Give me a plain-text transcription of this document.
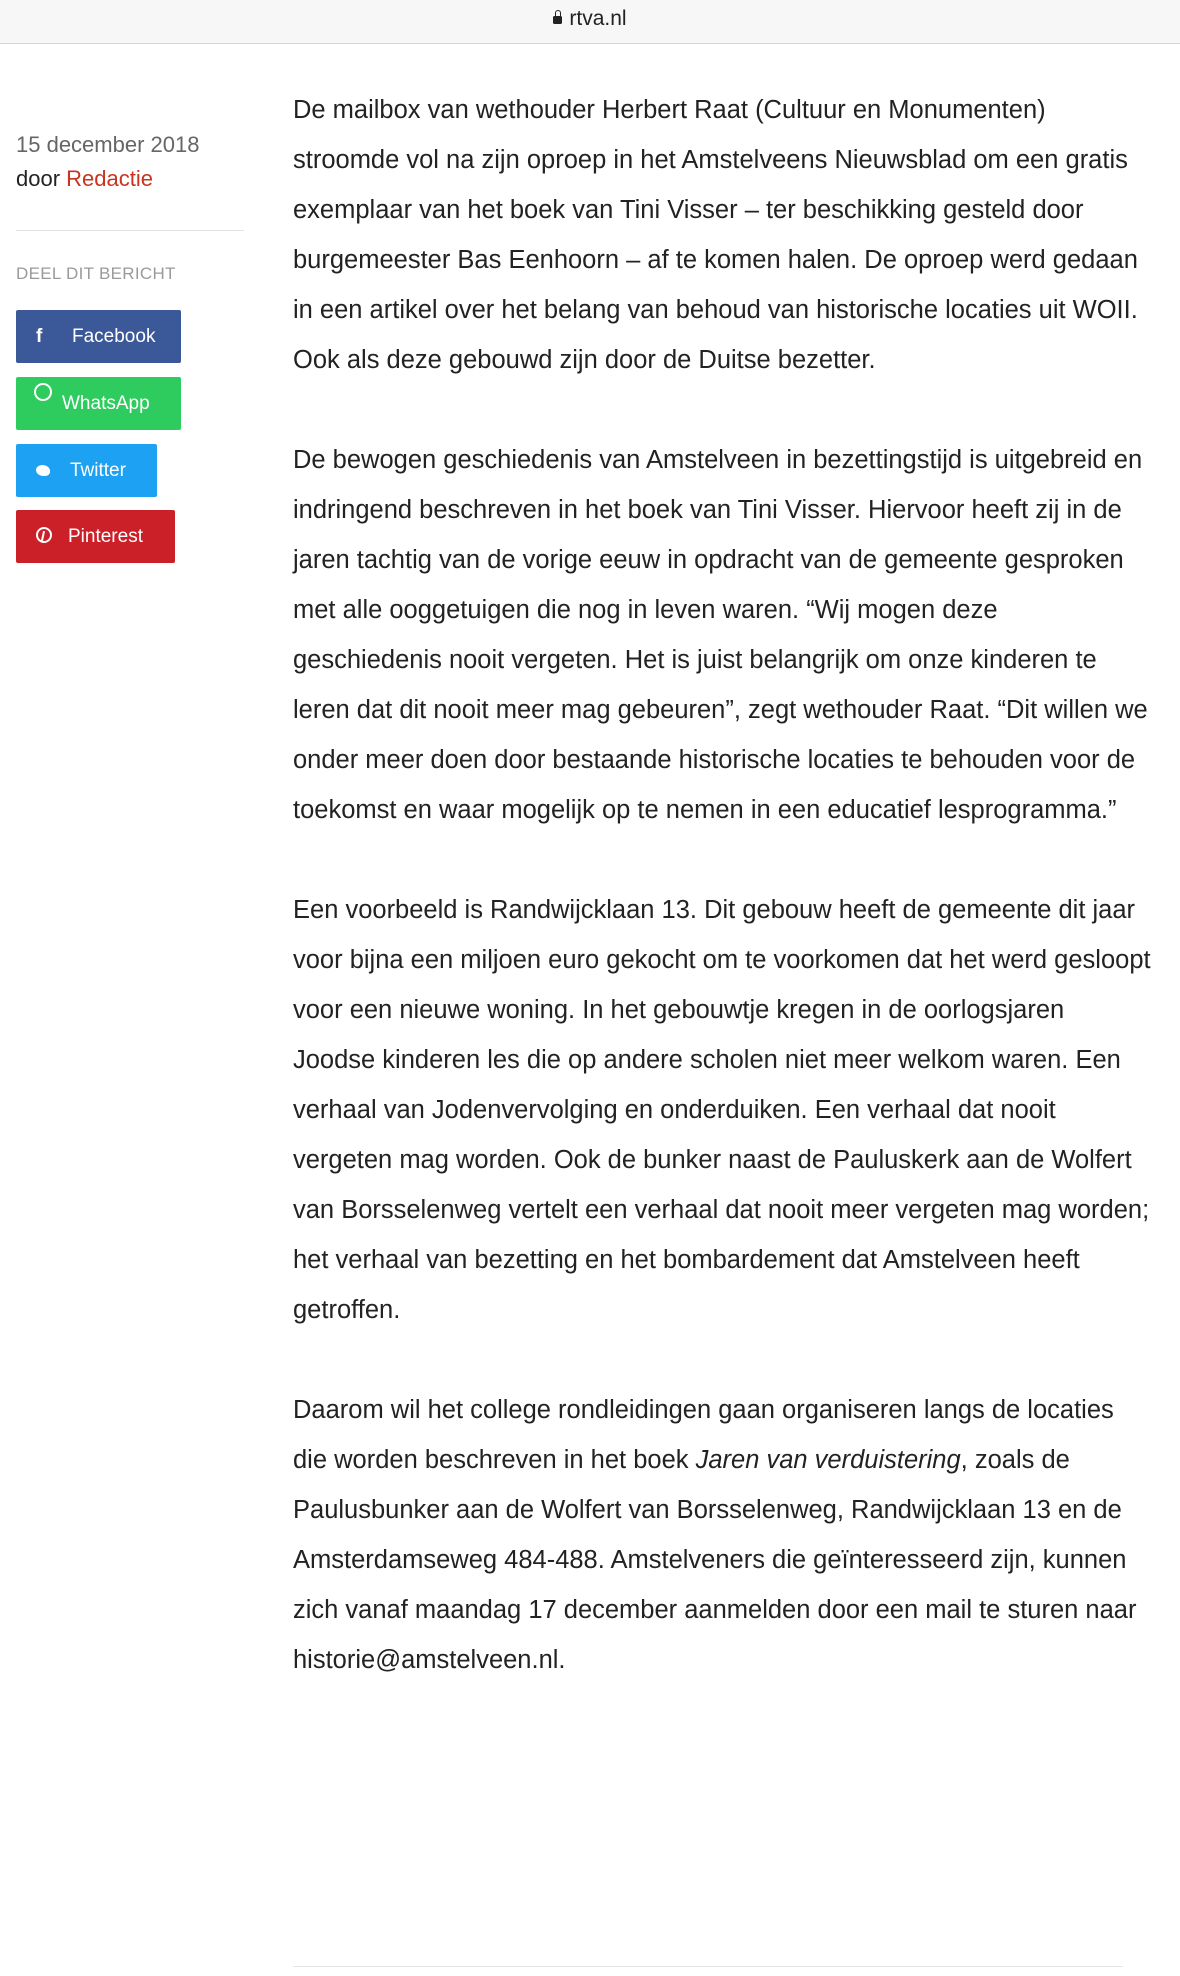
rtva.nl
15 december 2018
door Redactie
DEEL DIT BERICHT
f Facebook
WhatsApp
Twitter
Pinterest

De mailbox van wethouder Herbert Raat (Cultuur en Monumenten) stroomde vol na zijn oproep in het Amstelveens Nieuwsblad om een gratis exemplaar van het boek van Tini Visser – ter beschikking gesteld door burgemeester Bas Eenhoorn – af te komen halen. De oproep werd gedaan in een artikel over het belang van behoud van historische locaties uit WOII. Ook als deze gebouwd zijn door de Duitse bezetter.

De bewogen geschiedenis van Amstelveen in bezettingstijd is uitgebreid en indringend beschreven in het boek van Tini Visser. Hiervoor heeft zij in de jaren tachtig van de vorige eeuw in opdracht van de gemeente gesproken met alle ooggetuigen die nog in leven waren. “Wij mogen deze geschiedenis nooit vergeten. Het is juist belangrijk om onze kinderen te leren dat dit nooit meer mag gebeuren”, zegt wethouder Raat. “Dit willen we onder meer doen door bestaande historische locaties te behouden voor de toekomst en waar mogelijk op te nemen in een educatief lesprogramma.”

Een voorbeeld is Randwijcklaan 13. Dit gebouw heeft de gemeente dit jaar voor bijna een miljoen euro gekocht om te voorkomen dat het werd gesloopt voor een nieuwe woning. In het gebouwtje kregen in de oorlogsjaren Joodse kinderen les die op andere scholen niet meer welkom waren. Een verhaal van Jodenvervolging en onderduiken. Een verhaal dat nooit vergeten mag worden. Ook de bunker naast de Pauluskerk aan de Wolfert van Borsselenweg vertelt een verhaal dat nooit meer vergeten mag worden; het verhaal van bezetting en het bombardement dat Amstelveen heeft getroffen.

Daarom wil het college rondleidingen gaan organiseren langs de locaties die worden beschreven in het boek Jaren van verduistering, zoals de Paulusbunker aan de Wolfert van Borsselenweg, Randwijcklaan 13 en de Amsterdamseweg 484-488. Amstelveners die geïnteresseerd zijn, kunnen zich vanaf maandag 17 december aanmelden door een mail te sturen naar historie@amstelveen.nl.
